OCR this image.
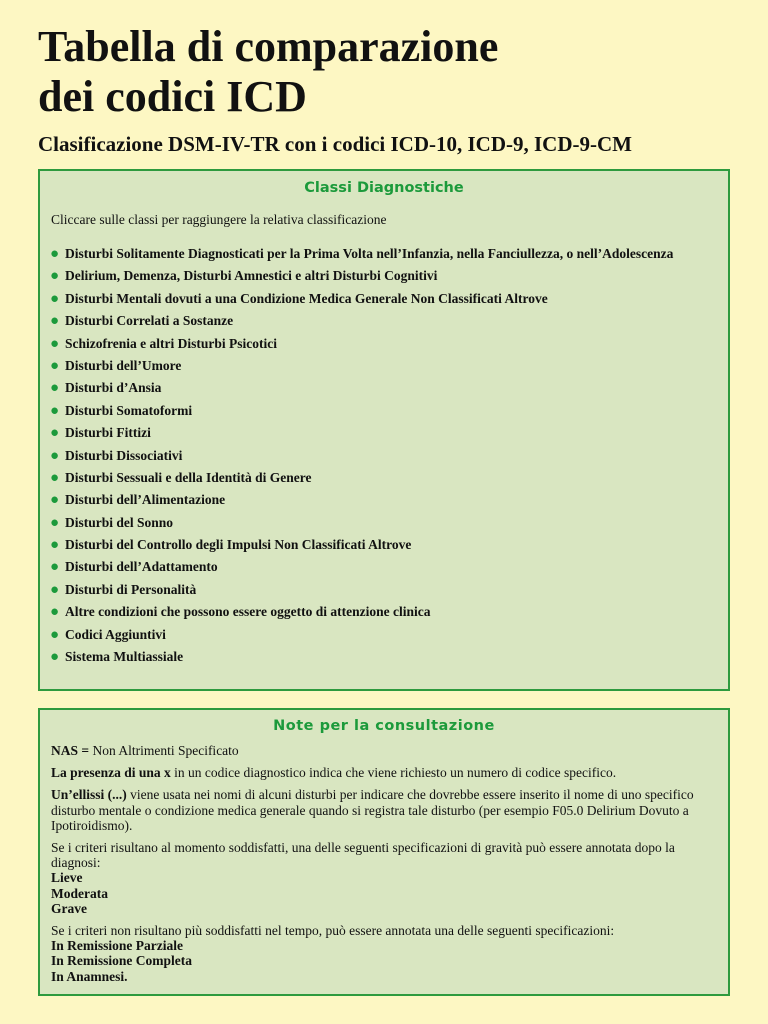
Tabella di comparazione
dei codici ICD
Clasificazione DSM-IV-TR con i codici ICD-10, ICD-9, ICD-9-CM
Classi Diagnostiche
Cliccare sulle classi per raggiungere la relativa classificazione
● Disturbi Solitamente Diagnosticati per la Prima Volta nell’Infanzia, nella Fanciullezza, o nell’Adolescenza
● Delirium, Demenza, Disturbi Amnestici e altri Disturbi Cognitivi
● Disturbi Mentali dovuti a una Condizione Medica Generale Non Classificati Altrove
● Disturbi Correlati a Sostanze
● Schizofrenia e altri Disturbi Psicotici
● Disturbi dell’Umore
● Disturbi d’Ansia
● Disturbi Somatoformi
● Disturbi Fittizi
● Disturbi Dissociativi
● Disturbi Sessuali e della Identità di Genere
● Disturbi dell’Alimentazione
● Disturbi del Sonno
● Disturbi del Controllo degli Impulsi Non Classificati Altrove
● Disturbi dell’Adattamento
● Disturbi di Personalità
● Altre condizioni che possono essere oggetto di attenzione clinica
● Codici Aggiuntivi
● Sistema Multiassiale
Note per la consultazione

NAS = Non Altrimenti Specificato

La presenza di una x in un codice diagnostico indica che viene richiesto un numero di codice specifico.

Un’ellissi (...) viene usata nei nomi di alcuni disturbi per indicare che dovrebbe essere inserito il nome di uno specifico disturbo mentale o condizione medica generale quando si registra tale disturbo (per esempio F05.0 Delirium Dovuto a Ipotiroidismo).

Se i criteri risultano al momento soddisfatti, una delle seguenti specificazioni di gravità può essere annotata dopo la diagnosi:
Lieve
Moderata
Grave

Se i criteri non risultano più soddisfatti nel tempo, può essere annotata una delle seguenti specificazioni:
In Remissione Parziale
In Remissione Completa
In Anamnesi.
